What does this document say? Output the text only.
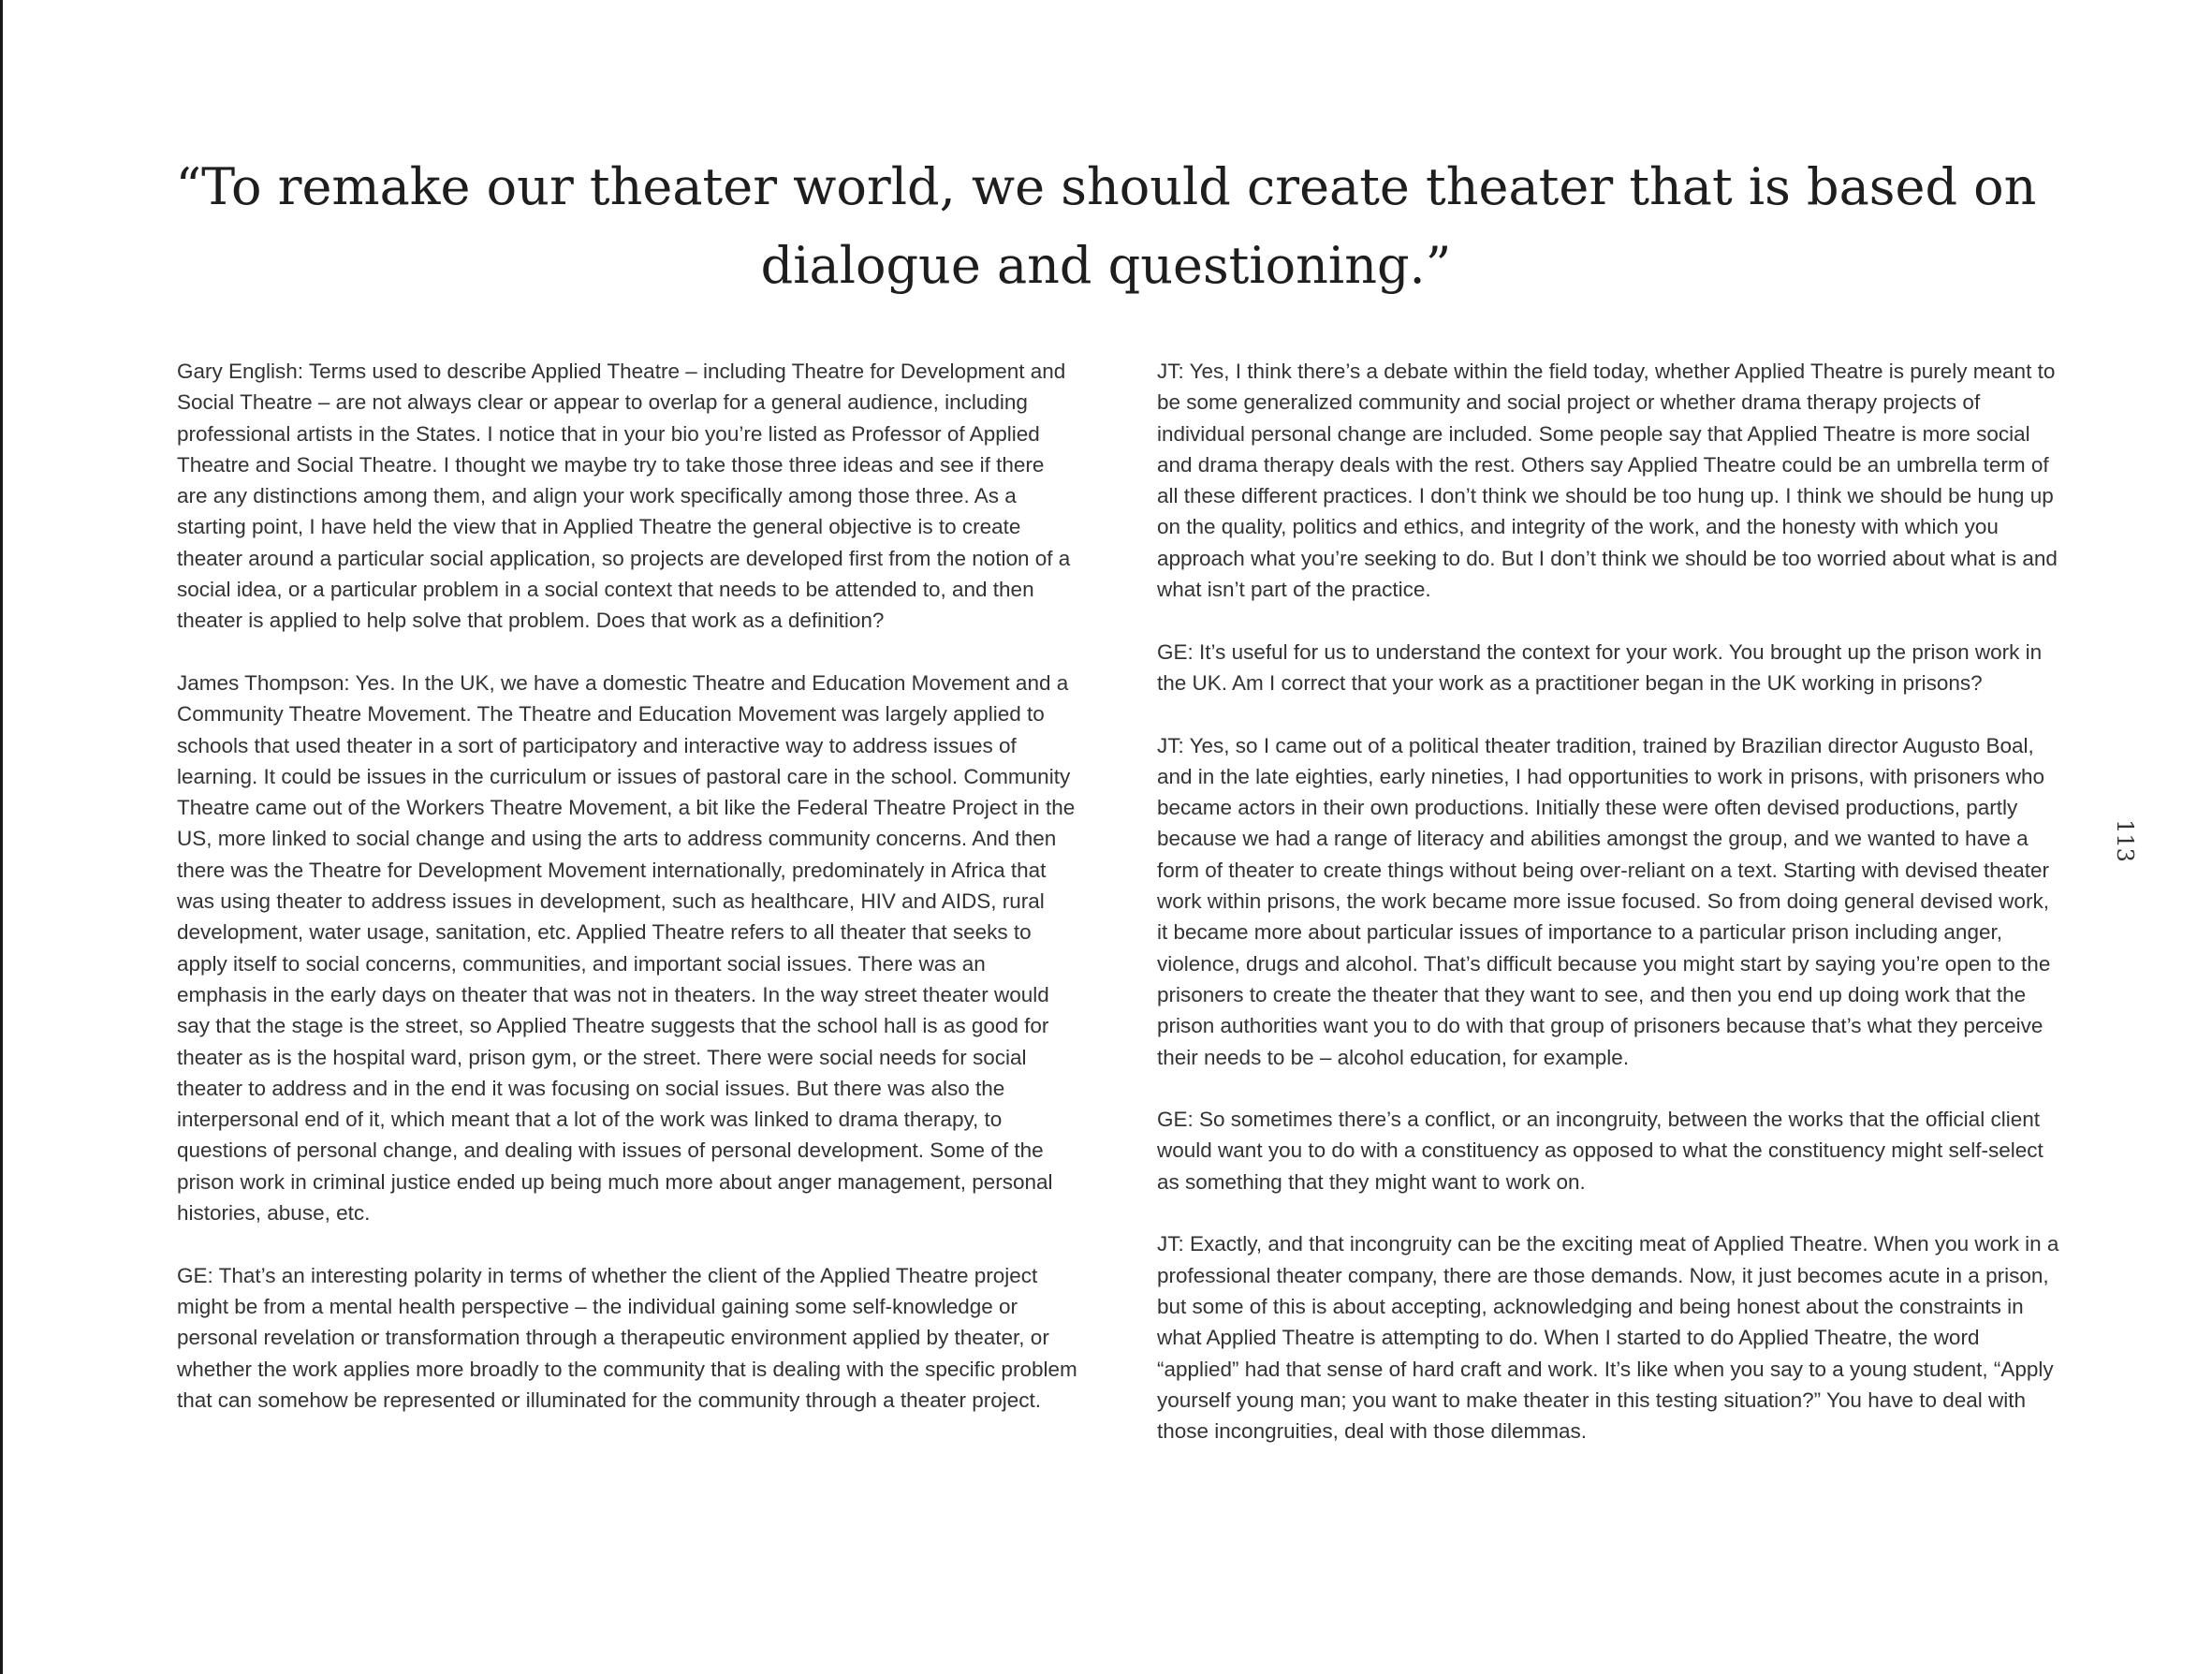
“To remake our theater world, we should create theater that is based on dialogue and questioning.”

Gary English: Terms used to describe Applied Theatre – including Theatre for Development and Social Theatre – are not always clear or appear to overlap for a general audience, including professional artists in the States. I notice that in your bio you’re listed as Professor of Applied Theatre and Social Theatre. I thought we maybe try to take those three ideas and see if there are any distinctions among them, and align your work specifically among those three. As a starting point, I have held the view that in Applied Theatre the general objective is to create theater around a particular social application, so projects are developed first from the notion of a social idea, or a particular problem in a social context that needs to be attended to, and then theater is applied to help solve that problem. Does that work as a definition?

James Thompson: Yes. In the UK, we have a domestic Theatre and Education Movement and a Community Theatre Movement. The Theatre and Education Movement was largely applied to schools that used theater in a sort of participatory and interactive way to address issues of learning. It could be issues in the curriculum or issues of pastoral care in the school. Community Theatre came out of the Workers Theatre Movement, a bit like the Federal Theatre Project in the US, more linked to social change and using the arts to address community concerns. And then there was the Theatre for Development Movement internationally, predominately in Africa that was using theater to address issues in development, such as healthcare, HIV and AIDS, rural development, water usage, sanitation, etc. Applied Theatre refers to all theater that seeks to apply itself to social concerns, communities, and important social issues. There was an emphasis in the early days on theater that was not in theaters. In the way street theater would say that the stage is the street, so Applied Theatre suggests that the school hall is as good for theater as is the hospital ward, prison gym, or the street. There were social needs for social theater to address and in the end it was focusing on social issues. But there was also the interpersonal end of it, which meant that a lot of the work was linked to drama therapy, to questions of personal change, and dealing with issues of personal development. Some of the prison work in criminal justice ended up being much more about anger management, personal histories, abuse, etc.

GE: That’s an interesting polarity in terms of whether the client of the Applied Theatre project might be from a mental health perspective – the individual gaining some self-knowledge or personal revelation or transformation through a therapeutic environment applied by theater, or whether the work applies more broadly to the community that is dealing with the specific problem that can somehow be represented or illuminated for the community through a theater project.

JT: Yes, I think there’s a debate within the field today, whether Applied Theatre is purely meant to be some generalized community and social project or whether drama therapy projects of individual personal change are included. Some people say that Applied Theatre is more social and drama therapy deals with the rest. Others say Applied Theatre could be an umbrella term of all these different practices. I don’t think we should be too hung up. I think we should be hung up on the quality, politics and ethics, and integrity of the work, and the honesty with which you approach what you’re seeking to do. But I don’t think we should be too worried about what is and what isn’t part of the practice.

GE: It’s useful for us to understand the context for your work. You brought up the prison work in the UK. Am I correct that your work as a practitioner began in the UK working in prisons?

JT: Yes, so I came out of a political theater tradition, trained by Brazilian director Augusto Boal, and in the late eighties, early nineties, I had opportunities to work in prisons, with prisoners who became actors in their own productions. Initially these were often devised productions, partly because we had a range of literacy and abilities amongst the group, and we wanted to have a form of theater to create things without being over-reliant on a text. Starting with devised theater work within prisons, the work became more issue focused. So from doing general devised work, it became more about particular issues of importance to a particular prison including anger, violence, drugs and alcohol. That’s difficult because you might start by saying you’re open to the prisoners to create the theater that they want to see, and then you end up doing work that the prison authorities want you to do with that group of prisoners because that’s what they perceive their needs to be – alcohol education, for example.

GE: So sometimes there’s a conflict, or an incongruity, between the works that the official client would want you to do with a constituency as opposed to what the constituency might self-select as something that they might want to work on.

JT: Exactly, and that incongruity can be the exciting meat of Applied Theatre. When you work in a professional theater company, there are those demands. Now, it just becomes acute in a prison, but some of this is about accepting, acknowledging and being honest about the constraints in what Applied Theatre is attempting to do. When I started to do Applied Theatre, the word “applied” had that sense of hard craft and work. It’s like when you say to a young student, “Apply yourself young man; you want to make theater in this testing situation?” You have to deal with those incongruities, deal with those dilemmas.

113
